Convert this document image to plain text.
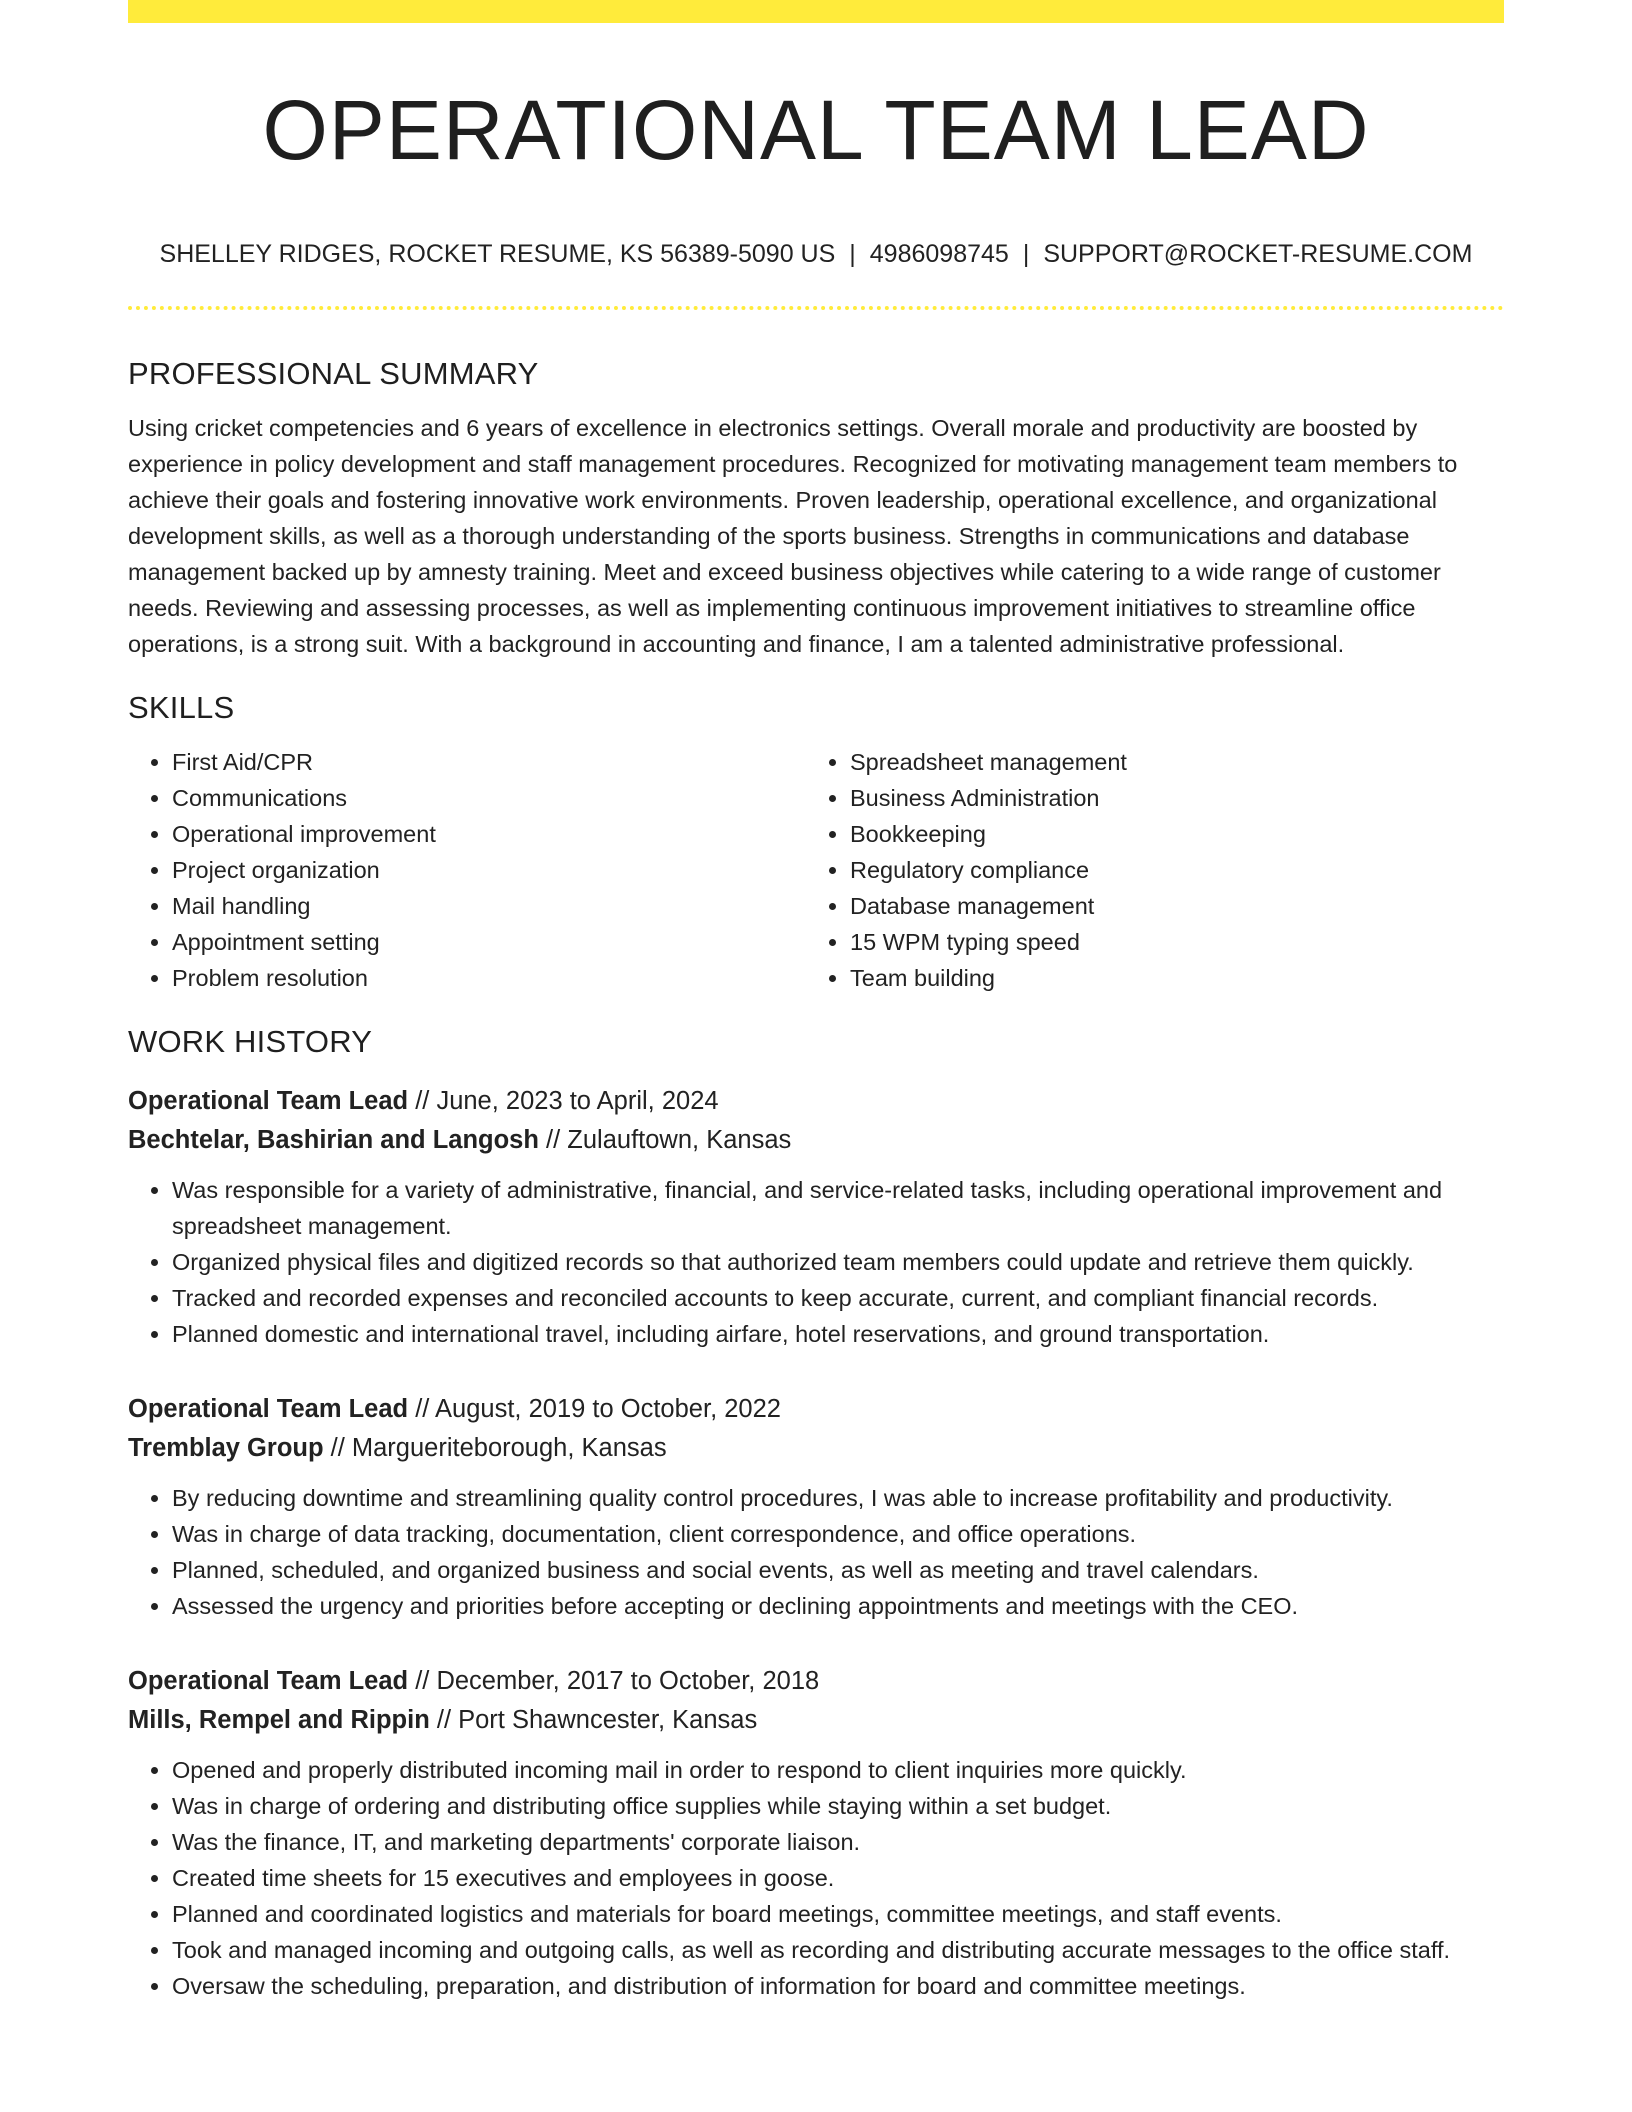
OPERATIONAL TEAM LEAD
SHELLEY RIDGES, ROCKET RESUME, KS 56389-5090 US | 4986098745 | SUPPORT@ROCKET-RESUME.COM
PROFESSIONAL SUMMARY

Using cricket competencies and 6 years of excellence in electronics settings. Overall morale and productivity are boosted by experience in policy development and staff management procedures. Recognized for motivating management team members to achieve their goals and fostering innovative work environments. Proven leadership, operational excellence, and organizational development skills, as well as a thorough understanding of the sports business. Strengths in communications and database management backed up by amnesty training. Meet and exceed business objectives while catering to a wide range of customer needs. Reviewing and assessing processes, as well as implementing continuous improvement initiatives to streamline office operations, is a strong suit. With a background in accounting and finance, I am a talented administrative professional.

SKILLS
• First Aid/CPR
• Communications
• Operational improvement
• Project organization
• Mail handling
• Appointment setting
• Problem resolution
• Spreadsheet management
• Business Administration
• Bookkeeping
• Regulatory compliance
• Database management
• 15 WPM typing speed
• Team building
WORK HISTORY
Operational Team Lead // June, 2023 to April, 2024
Bechtelar, Bashirian and Langosh // Zulauftown, Kansas
• Was responsible for a variety of administrative, financial, and service-related tasks, including operational improvement and spreadsheet management.
• Organized physical files and digitized records so that authorized team members could update and retrieve them quickly.
• Tracked and recorded expenses and reconciled accounts to keep accurate, current, and compliant financial records.
• Planned domestic and international travel, including airfare, hotel reservations, and ground transportation.
Operational Team Lead // August, 2019 to October, 2022
Tremblay Group // Margueriteborough, Kansas
• By reducing downtime and streamlining quality control procedures, I was able to increase profitability and productivity.
• Was in charge of data tracking, documentation, client correspondence, and office operations.
• Planned, scheduled, and organized business and social events, as well as meeting and travel calendars.
• Assessed the urgency and priorities before accepting or declining appointments and meetings with the CEO.
Operational Team Lead // December, 2017 to October, 2018
Mills, Rempel and Rippin // Port Shawncester, Kansas
• Opened and properly distributed incoming mail in order to respond to client inquiries more quickly.
• Was in charge of ordering and distributing office supplies while staying within a set budget.
• Was the finance, IT, and marketing departments' corporate liaison.
• Created time sheets for 15 executives and employees in goose.
• Planned and coordinated logistics and materials for board meetings, committee meetings, and staff events.
• Took and managed incoming and outgoing calls, as well as recording and distributing accurate messages to the office staff.
• Oversaw the scheduling, preparation, and distribution of information for board and committee meetings.
